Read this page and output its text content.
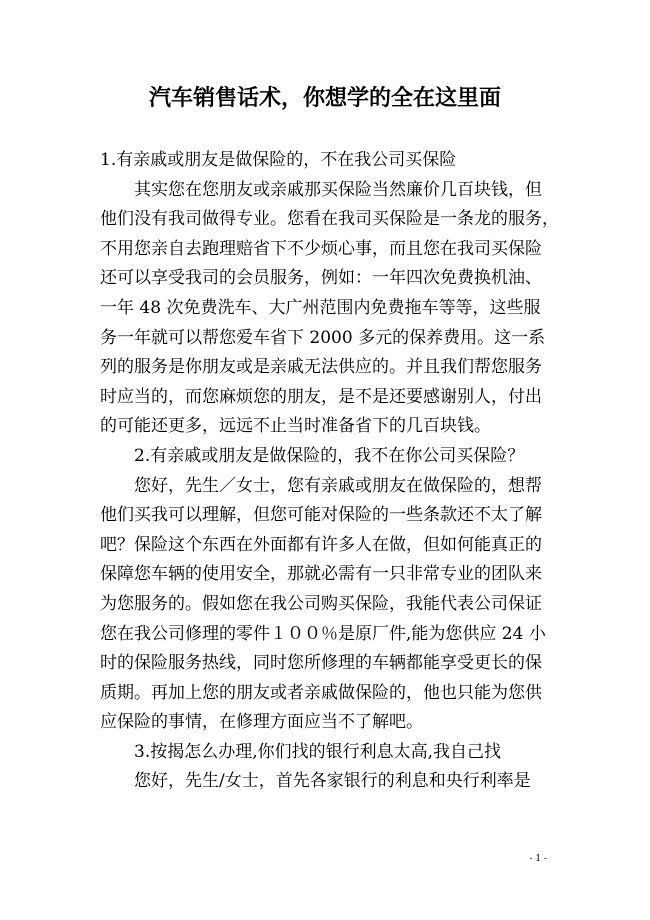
汽车销售话术，你想学的全在这里面
1.有亲戚或朋友是做保险的，不在我公司买保险
其实您在您朋友或亲戚那买保险当然廉价几百块钱，但
他们没有我司做得专业。您看在我司买保险是一条龙的服务，
不用您亲自去跑理赔省下不少烦心事，而且您在我司买保险
还可以享受我司的会员服务，例如：一年四次免费换机油、
一年 48 次免费洗车、大广州范围内免费拖车等等，这些服
务一年就可以帮您爱车省下 2000 多元的保养费用。这一系
列的服务是你朋友或是亲戚无法供应的。并且我们帮您服务
时应当的，而您麻烦您的朋友，是不是还要感谢别人，付出
的可能还更多，远远不止当时准备省下的几百块钱。
2.有亲戚或朋友是做保险的，我不在你公司买保险？
您好，先生／女士，您有亲戚或朋友在做保险的，想帮
他们买我可以理解，但您可能对保险的一些条款还不太了解
吧？保险这个东西在外面都有许多人在做，但如何能真正的
保障您车辆的使用安全，那就必需有一只非常专业的团队来
为您服务的。假如您在我公司购买保险，我能代表公司保证
您在我公司修理的零件１００％是原厂件,能为您供应 24 小
时的保险服务热线，同时您所修理的车辆都能享受更长的保
质期。再加上您的朋友或者亲戚做保险的，他也只能为您供
应保险的事情，在修理方面应当不了解吧。
3.按揭怎么办理,你们找的银行利息太高,我自己找
您好，先生/女士，首先各家银行的利息和央行利率是
- 1 -
